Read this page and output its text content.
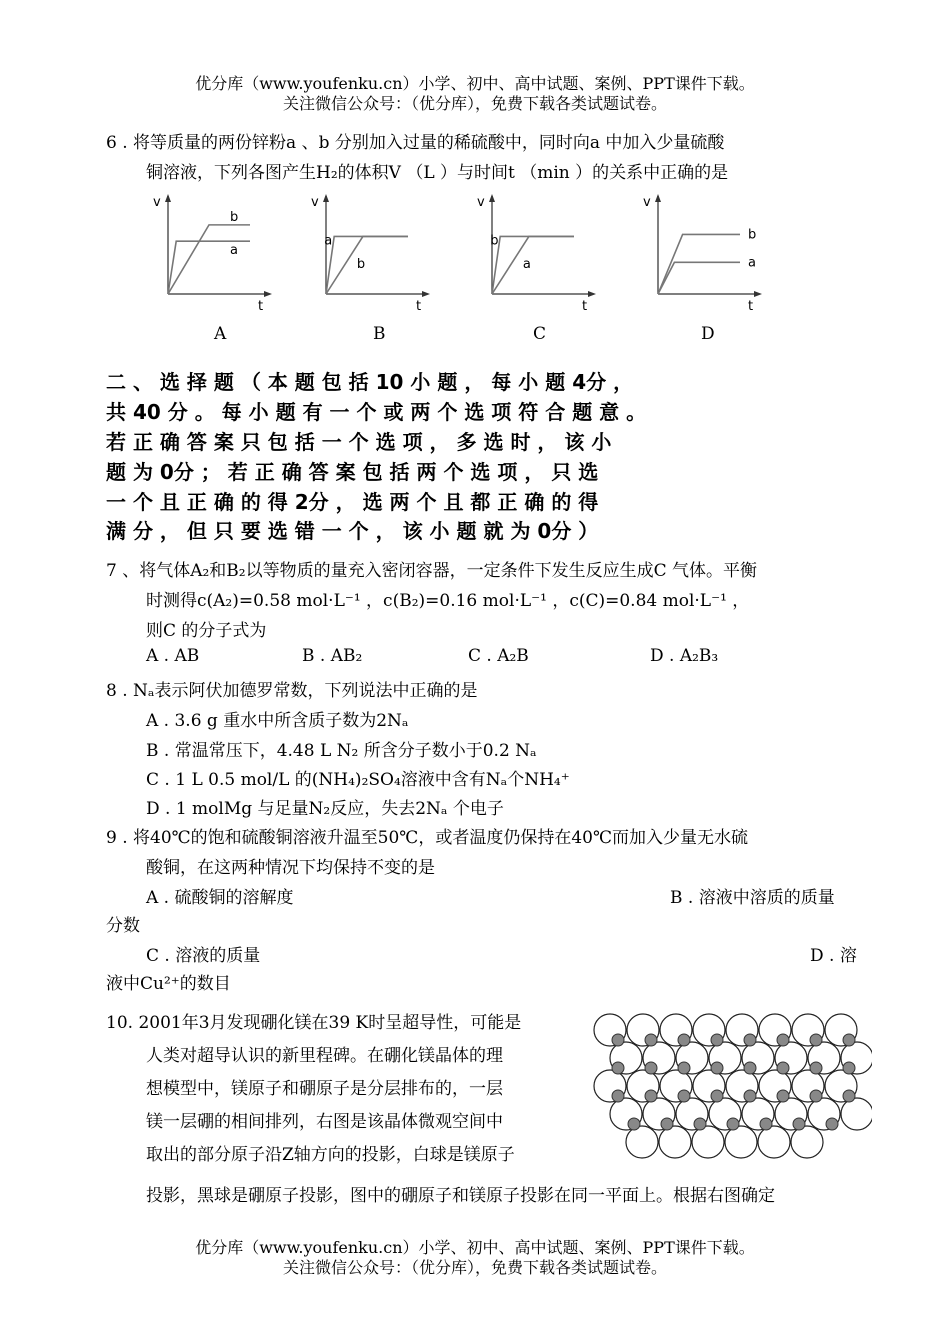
优分库（www.youfenku.cn）小学、初中、高中试题、案例、PPT课件下载。
关注微信公众号：（优分库），免费下载各类试题试卷。
6 . 将等质量的两份锌粉a 、b 分别加入过量的稀硫酸中，同时向a 中加入少量硫酸
铜溶液，下列各图产生H₂的体积V （L ）与时间t （min ）的关系中正确的是
v
t
a
b
v
t
a
b
v
t
b
a
v
t
b
a
A	B	C	D
二 、 选 择 题 （ 本 题 包 括 10 小 题 ， 每 小 题 4分 ，
共 40 分 。 每 小 题 有 一 个 或 两 个 选 项 符 合 题 意 。
若 正 确 答 案 只 包 括 一 个 选 项 ， 多 选 时 ， 该 小
题 为 0分 ； 若 正 确 答 案 包 括 两 个 选 项 ， 只 选
一 个 且 正 确 的 得 2分 ， 选 两 个 且 都 正 确 的 得
满 分 ， 但 只 要 选 错 一 个 ， 该 小 题 就 为 0分 ）
7 、将气体A₂和B₂以等物质的量充入密闭容器，一定条件下发生反应生成C 气体。平衡
时测得c(A₂)=0.58 mol·L⁻¹ ，c(B₂)=0.16 mol·L⁻¹ ，c(C)=0.84 mol·L⁻¹ ，
则C 的分子式为
A . AB	B . AB₂	C . A₂B	D . A₂B₃
8 . Nₐ表示阿伏加德罗常数，下列说法中正确的是
A . 3.6 g 重水中所含质子数为2Nₐ
B . 常温常压下，4.48 L N₂ 所含分子数小于0.2 Nₐ
C . 1 L 0.5 mol/L 的(NH₄)₂SO₄溶液中含有Nₐ个NH₄⁺
D . 1 molMg 与足量N₂反应，失去2Nₐ 个电子
9 . 将40℃的饱和硫酸铜溶液升温至50℃，或者温度仍保持在40℃而加入少量无水硫
酸铜，在这两种情况下均保持不变的是
A . 硫酸铜的溶解度	B . 溶液中溶质的质量
分数
C . 溶液的质量	D . 溶
液中Cu²⁺的数目
10. 2001年3月发现硼化镁在39 K时呈超导性，可能是
人类对超导认识的新里程碑。在硼化镁晶体的理
想模型中，镁原子和硼原子是分层排布的，一层
镁一层硼的相间排列，右图是该晶体微观空间中
取出的部分原子沿Z轴方向的投影，白球是镁原子
投影，黑球是硼原子投影，图中的硼原子和镁原子投影在同一平面上。根据右图确定
优分库（www.youfenku.cn）小学、初中、高中试题、案例、PPT课件下载。
关注微信公众号：（优分库），免费下载各类试题试卷。
